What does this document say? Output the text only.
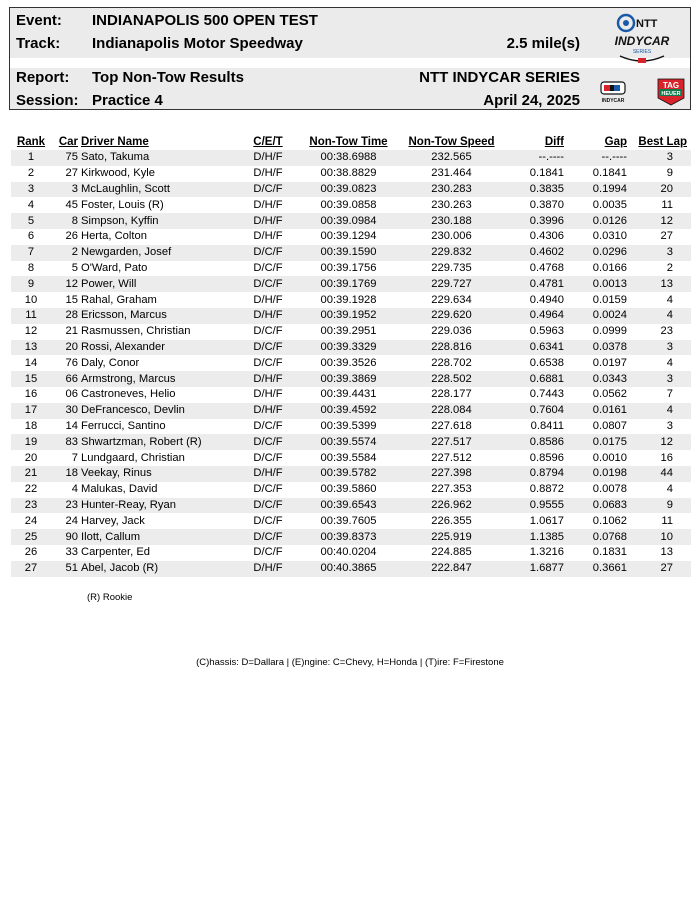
Event: INDIANAPOLIS 500 OPEN TEST
Track: Indianapolis Motor Speedway	2.5 mile(s)
Report: Top Non-Tow Results	NTT INDYCAR SERIES
Session: Practice 4	April 24, 2025
NTT
INDYCAR
SERIES
INDYCAR
TAG
HEUER
Rank	Car	Driver Name	C/E/T	Non-Tow Time	Non-Tow Speed	Diff	Gap	Best Lap
1	75	Sato, Takuma	D/H/F	00:38.6988	232.565	--.----	--.----	3
2	27	Kirkwood, Kyle	D/H/F	00:38.8829	231.464	0.1841	0.1841	9
3	3	McLaughlin, Scott	D/C/F	00:39.0823	230.283	0.3835	0.1994	20
4	45	Foster, Louis (R)	D/H/F	00:39.0858	230.263	0.3870	0.0035	11
5	8	Simpson, Kyffin	D/H/F	00:39.0984	230.188	0.3996	0.0126	12
6	26	Herta, Colton	D/H/F	00:39.1294	230.006	0.4306	0.0310	27
7	2	Newgarden, Josef	D/C/F	00:39.1590	229.832	0.4602	0.0296	3
8	5	O'Ward, Pato	D/C/F	00:39.1756	229.735	0.4768	0.0166	2
9	12	Power, Will	D/C/F	00:39.1769	229.727	0.4781	0.0013	13
10	15	Rahal, Graham	D/H/F	00:39.1928	229.634	0.4940	0.0159	4
11	28	Ericsson, Marcus	D/H/F	00:39.1952	229.620	0.4964	0.0024	4
12	21	Rasmussen, Christian	D/C/F	00:39.2951	229.036	0.5963	0.0999	23
13	20	Rossi, Alexander	D/C/F	00:39.3329	228.816	0.6341	0.0378	3
14	76	Daly, Conor	D/C/F	00:39.3526	228.702	0.6538	0.0197	4
15	66	Armstrong, Marcus	D/H/F	00:39.3869	228.502	0.6881	0.0343	3
16	06	Castroneves, Helio	D/H/F	00:39.4431	228.177	0.7443	0.0562	7
17	30	DeFrancesco, Devlin	D/H/F	00:39.4592	228.084	0.7604	0.0161	4
18	14	Ferrucci, Santino	D/C/F	00:39.5399	227.618	0.8411	0.0807	3
19	83	Shwartzman, Robert (R)	D/C/F	00:39.5574	227.517	0.8586	0.0175	12
20	7	Lundgaard, Christian	D/C/F	00:39.5584	227.512	0.8596	0.0010	16
21	18	Veekay, Rinus	D/H/F	00:39.5782	227.398	0.8794	0.0198	44
22	4	Malukas, David	D/C/F	00:39.5860	227.353	0.8872	0.0078	4
23	23	Hunter-Reay, Ryan	D/C/F	00:39.6543	226.962	0.9555	0.0683	9
24	24	Harvey, Jack	D/C/F	00:39.7605	226.355	1.0617	0.1062	11
25	90	Ilott, Callum	D/C/F	00:39.8373	225.919	1.1385	0.0768	10
26	33	Carpenter, Ed	D/C/F	00:40.0204	224.885	1.3216	0.1831	13
27	51	Abel, Jacob (R)	D/H/F	00:40.3865	222.847	1.6877	0.3661	27
(R) Rookie
(C)hassis: D=Dallara | (E)ngine: C=Chevy, H=Honda | (T)ire: F=Firestone
